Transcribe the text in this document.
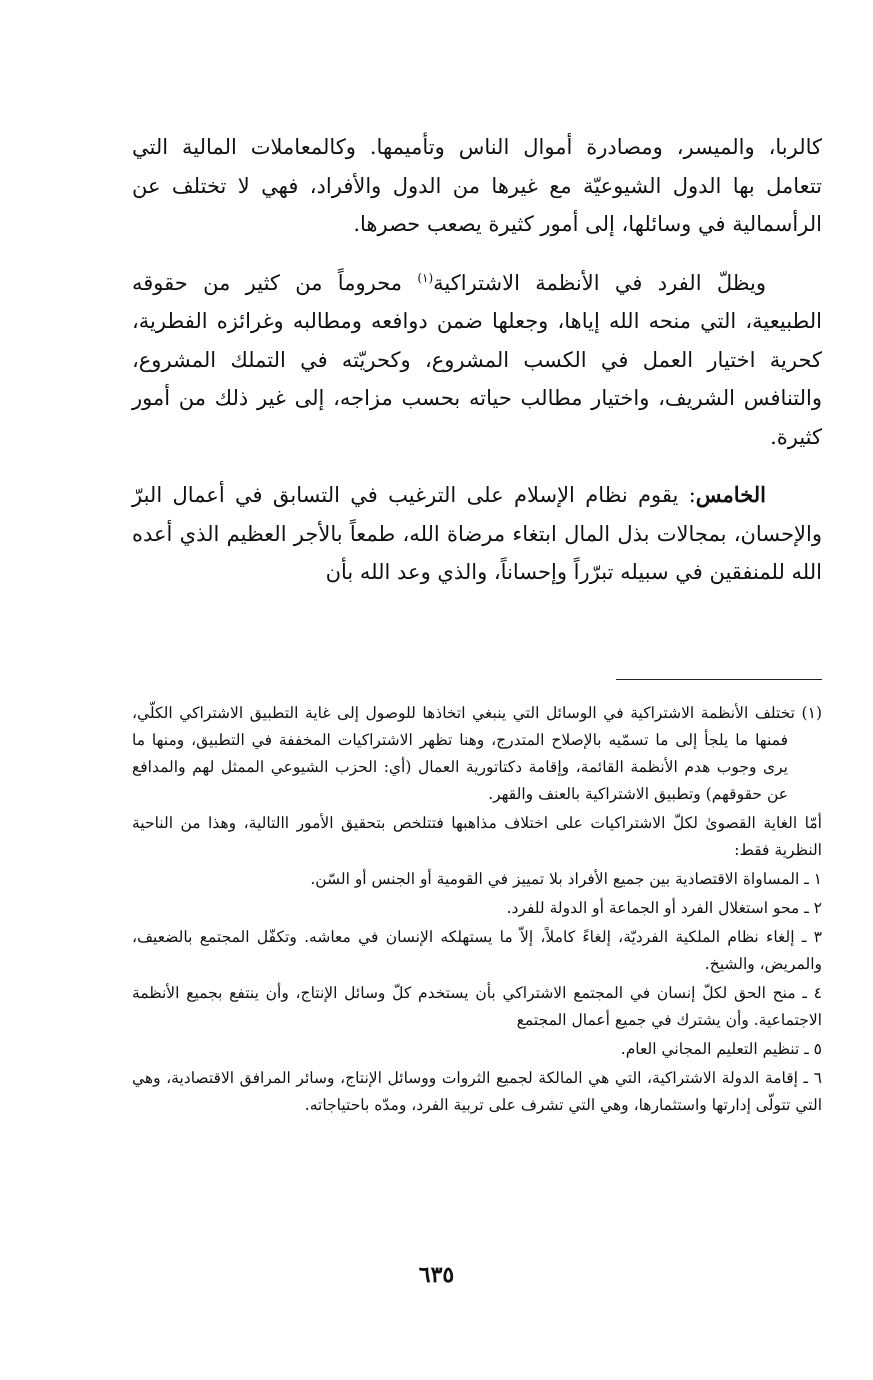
كالربا، والميسر، ومصادرة أموال الناس وتأميمها. وكالمعاملات المالية التي تتعامل بها الدول الشيوعيّة مع غيرها من الدول والأفراد، فهي لا تختلف عن الرأسمالية في وسائلها، إلى أمور كثيرة يصعب حصرها.

ويظلّ الفرد في الأنظمة الاشتراكية$^{(١)}$ محروماً من كثير من حقوقه الطبيعية، التي منحه الله إياها، وجعلها ضمن دوافعه ومطالبه وغرائزه الفطرية، كحرية اختيار العمل في الكسب المشروع، وكحريّته في التملك المشروع، والتنافس الشريف، واختيار مطالب حياته بحسب مزاجه، إلى غير ذلك من أمور كثيرة.

الخامس: يقوم نظام الإسلام على الترغيب في التسابق في أعمال البرّ والإحسان، بمجالات بذل المال ابتغاء مرضاة الله، طمعاً بالأجر العظيم الذي أعده الله للمنفقين في سبيله تبرّراً وإحساناً، والذي وعد الله بأن

(١) تختلف الأنظمة الاشتراكية في الوسائل التي ينبغي اتخاذها للوصول إلى غاية التطبيق الاشتراكي الكلّي، فمنها ما يلجأ إلى ما تسمّيه بالإصلاح المتدرج، وهنا تظهر الاشتراكيات المخففة في التطبيق، ومنها ما يرى وجوب هدم الأنظمة القائمة، وإقامة دكتاتورية العمال (أي: الحزب الشيوعي الممثل لهم والمدافع عن حقوقهم) وتطبيق الاشتراكية بالعنف والقهر.

أمّا الغاية القصوىٰ لكلّ الاشتراكيات على اختلاف مذاهبها فتتلخص بتحقيق الأمور االتالية، وهذا من الناحية النظرية فقط:

١ ـ المساواة الاقتصادية بين جميع الأفراد بلا تمييز في القومية أو الجنس أو السّن.

٢ ـ محو استغلال الفرد أو الجماعة أو الدولة للفرد.

٣ ـ إلغاء نظام الملكية الفرديّة، إلغاءً كاملاً، إلاّ ما يستهلكه الإنسان في معاشه. وتكفّل المجتمع بالضعيف، والمريض، والشيخ.

٤ ـ منح الحق لكلّ إنسان في المجتمع الاشتراكي بأن يستخدم كلّ وسائل الإنتاج، وأن ينتفع بجميع الأنظمة الاجتماعية. وأن يشترك في جميع أعمال المجتمع

٥ ـ تنظيم التعليم المجاني العام.

٦ ـ إقامة الدولة الاشتراكية، التي هي المالكة لجميع الثروات ووسائل الإنتاج، وسائر المرافق الاقتصادية، وهي التي تتولّى إدارتها واستثمارها، وهي التي تشرف على تربية الفرد، ومدّه باحتياجاته.

٦٣٥
